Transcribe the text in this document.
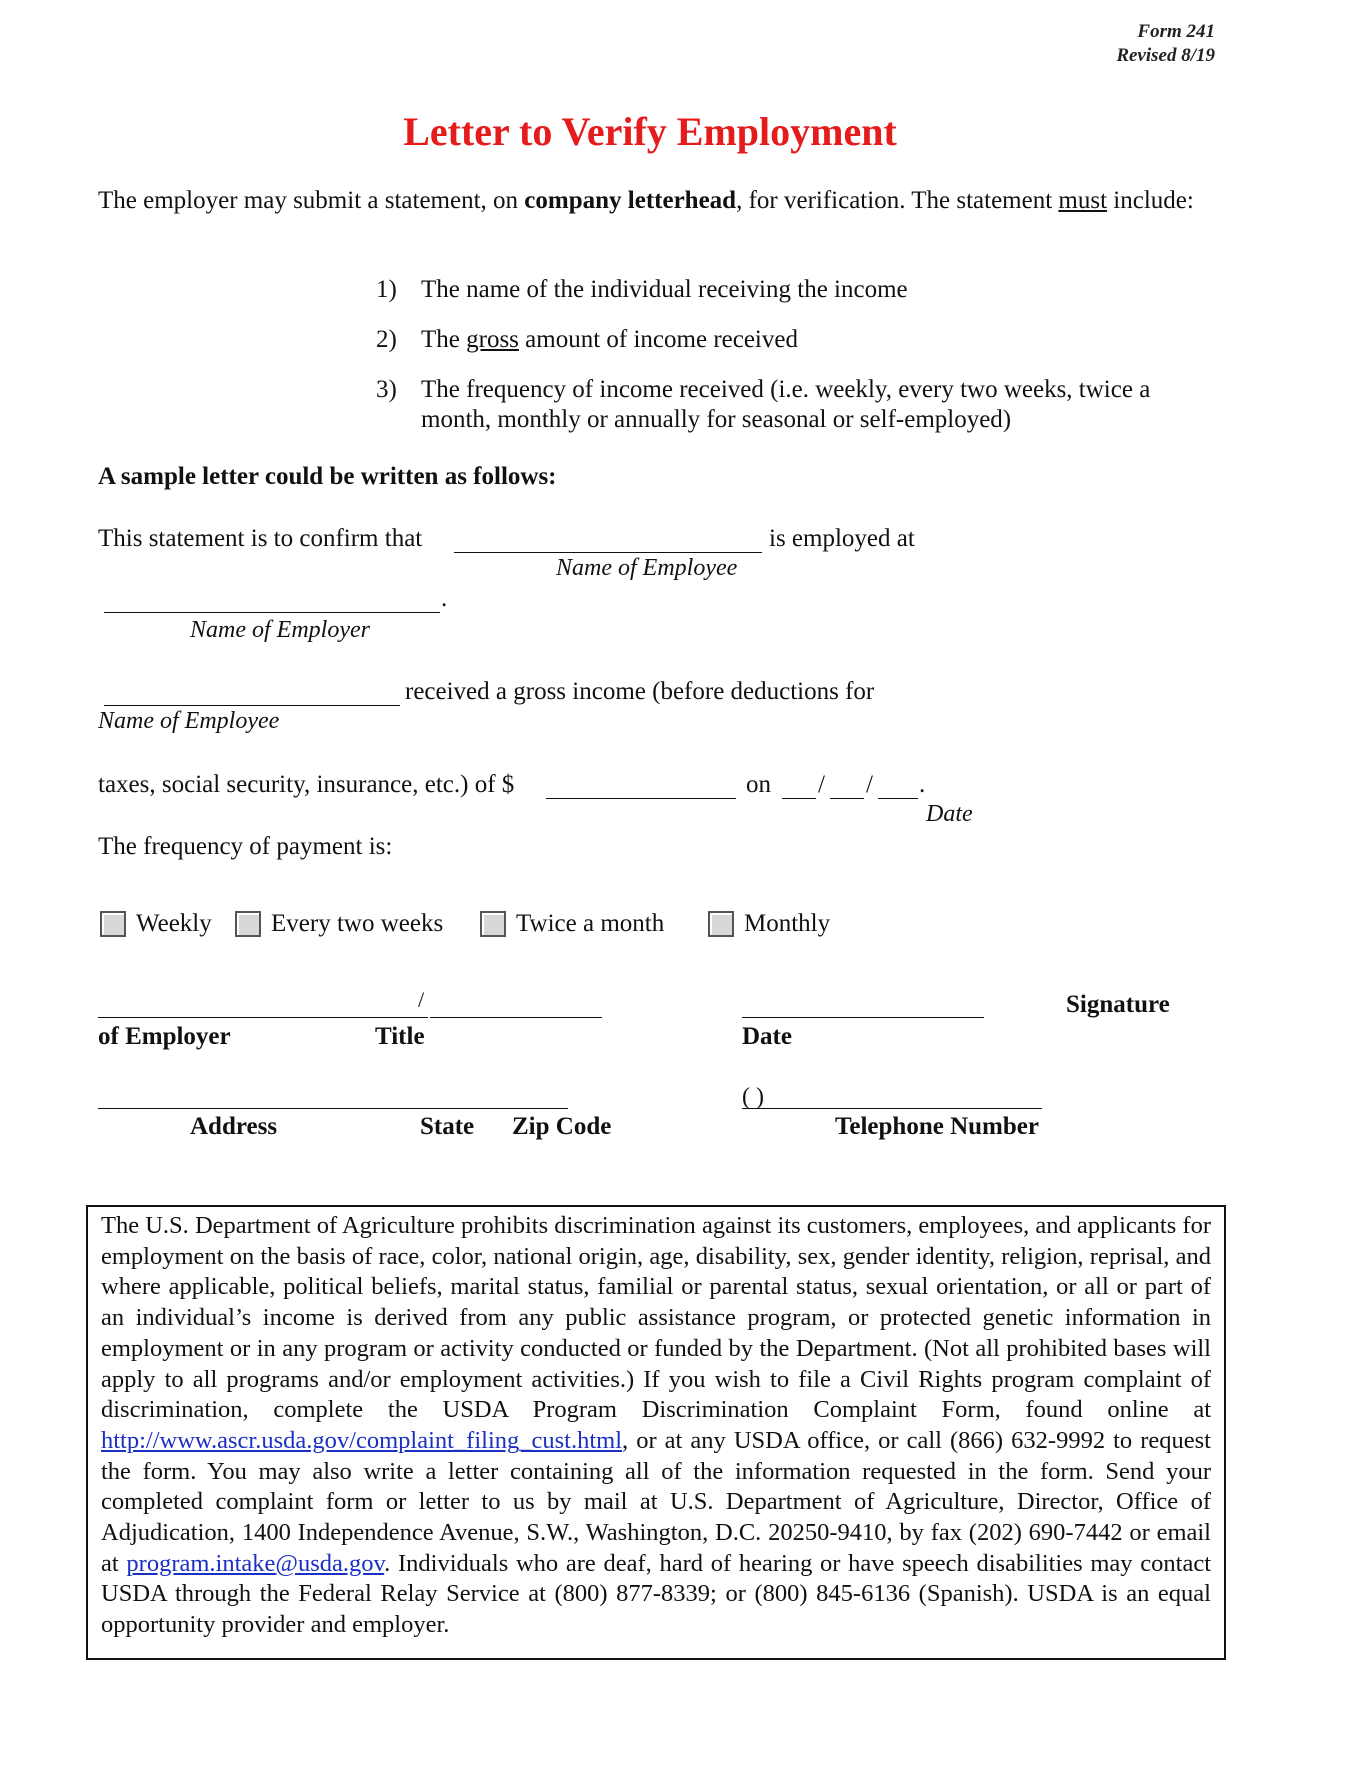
Form 241
Revised 8/19
Letter to Verify Employment
The employer may submit a statement, on company letterhead, for verification. The statement must include:
1) The name of the individual receiving the income
2) The gross amount of income received
3) The frequency of income received (i.e. weekly, every two weeks, twice a month, monthly or annually for seasonal or self-employed)
A sample letter could be written as follows:
This statement is to confirm that	is employed at
Name of Employee
.
Name of Employer
received a gross income (before deductions for
Name of Employee
taxes, social security, insurance, etc.) of $	on / / .
Date
The frequency of payment is:
Weekly Every two weeks	Twice a month	Monthly
/	Signature
of Employer	Title	Date
( )
Address	State Zip Code	Telephone Number
The U.S. Department of Agriculture prohibits discrimination against its customers, employees, and applicants for employment on the basis of race, color, national origin, age, disability, sex, gender identity, religion, reprisal, and where applicable, political beliefs, marital status, familial or parental status, sexual orientation, or all or part of an individual’s income is derived from any public assistance program, or protected genetic information in employment or in any program or activity conducted or funded by the Department. (Not all prohibited bases will apply to all programs and/or employment activities.) If you wish to file a Civil Rights program complaint of discrimination, complete the USDA Program Discrimination Complaint Form, found online at http://www.ascr.usda.gov/complaint_filing_cust.html, or at any USDA office, or call (866) 632-9992 to request the form. You may also write a letter containing all of the information requested in the form. Send your completed complaint form or letter to us by mail at U.S. Department of Agriculture, Director, Office of Adjudication, 1400 Independence Avenue, S.W., Washington, D.C. 20250-9410, by fax (202) 690-7442 or email at program.intake@usda.gov. Individuals who are deaf, hard of hearing or have speech disabilities may contact USDA through the Federal Relay Service at (800) 877-8339; or (800) 845-6136 (Spanish). USDA is an equal opportunity provider and employer.
